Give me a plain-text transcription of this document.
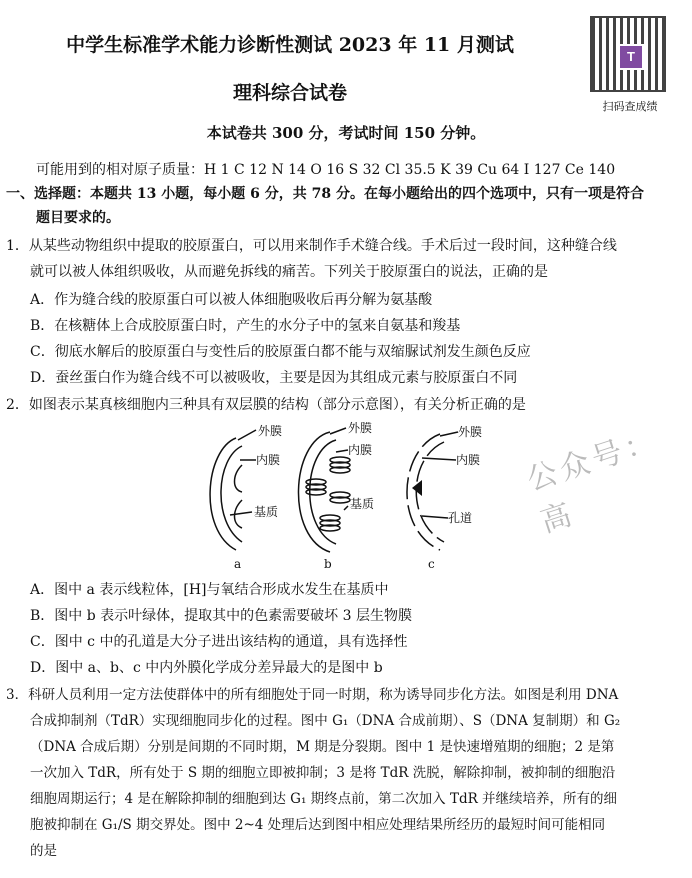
中学生标准学术能力诊断性测试 2023 年 11 月测试
理科综合试卷
本试卷共 300 分，考试时间 150 分钟。
T
扫码查成绩
可能用到的相对原子质量：H 1 C 12 N 14 O 16 S 32 Cl 35.5 K 39 Cu 64 I 127 Ce 140
一、选择题：本题共 13 小题，每小题 6 分，共 78 分。在每小题给出的四个选项中，只有一项是符合
题目要求的。
1．从某些动物组织中提取的胶原蛋白，可以用来制作手术缝合线。手术后过一段时间，这种缝合线
就可以被人体组织吸收，从而避免拆线的痛苦。下列关于胶原蛋白的说法，正确的是
A．作为缝合线的胶原蛋白可以被人体细胞吸收后再分解为氨基酸
B．在核糖体上合成胶原蛋白时，产生的水分子中的氢来自氨基和羧基
C．彻底水解后的胶原蛋白与变性后的胶原蛋白都不能与双缩脲试剂发生颜色反应
D．蚕丝蛋白作为缝合线不可以被吸收，主要是因为其组成元素与胶原蛋白不同
2．如图表示某真核细胞内三种具有双层膜的结构（部分示意图），有关分析正确的是
外膜
内膜
基质
a
外膜
内膜
基质
b
外膜
内膜
孔道
c
公众号：高
A．图中 a 表示线粒体，[H]与氧结合形成水发生在基质中
B．图中 b 表示叶绿体，提取其中的色素需要破坏 3 层生物膜
C．图中 c 中的孔道是大分子进出该结构的通道，具有选择性
D．图中 a、b、c 中内外膜化学成分差异最大的是图中 b
3．科研人员利用一定方法使群体中的所有细胞处于同一时期，称为诱导同步化方法。如图是利用 DNA
合成抑制剂（TdR）实现细胞同步化的过程。图中 G₁（DNA 合成前期）、S（DNA 复制期）和 G₂
（DNA 合成后期）分别是间期的不同时期，M 期是分裂期。图中 1 是快速增殖期的细胞；2 是第
一次加入 TdR，所有处于 S 期的细胞立即被抑制；3 是将 TdR 洗脱，解除抑制，被抑制的细胞沿
细胞周期运行；4 是在解除抑制的细胞到达 G₁ 期终点前，第二次加入 TdR 并继续培养，所有的细
胞被抑制在 G₁/S 期交界处。图中 2~4 处理后达到图中相应处理结果所经历的最短时间可能相同
的是
